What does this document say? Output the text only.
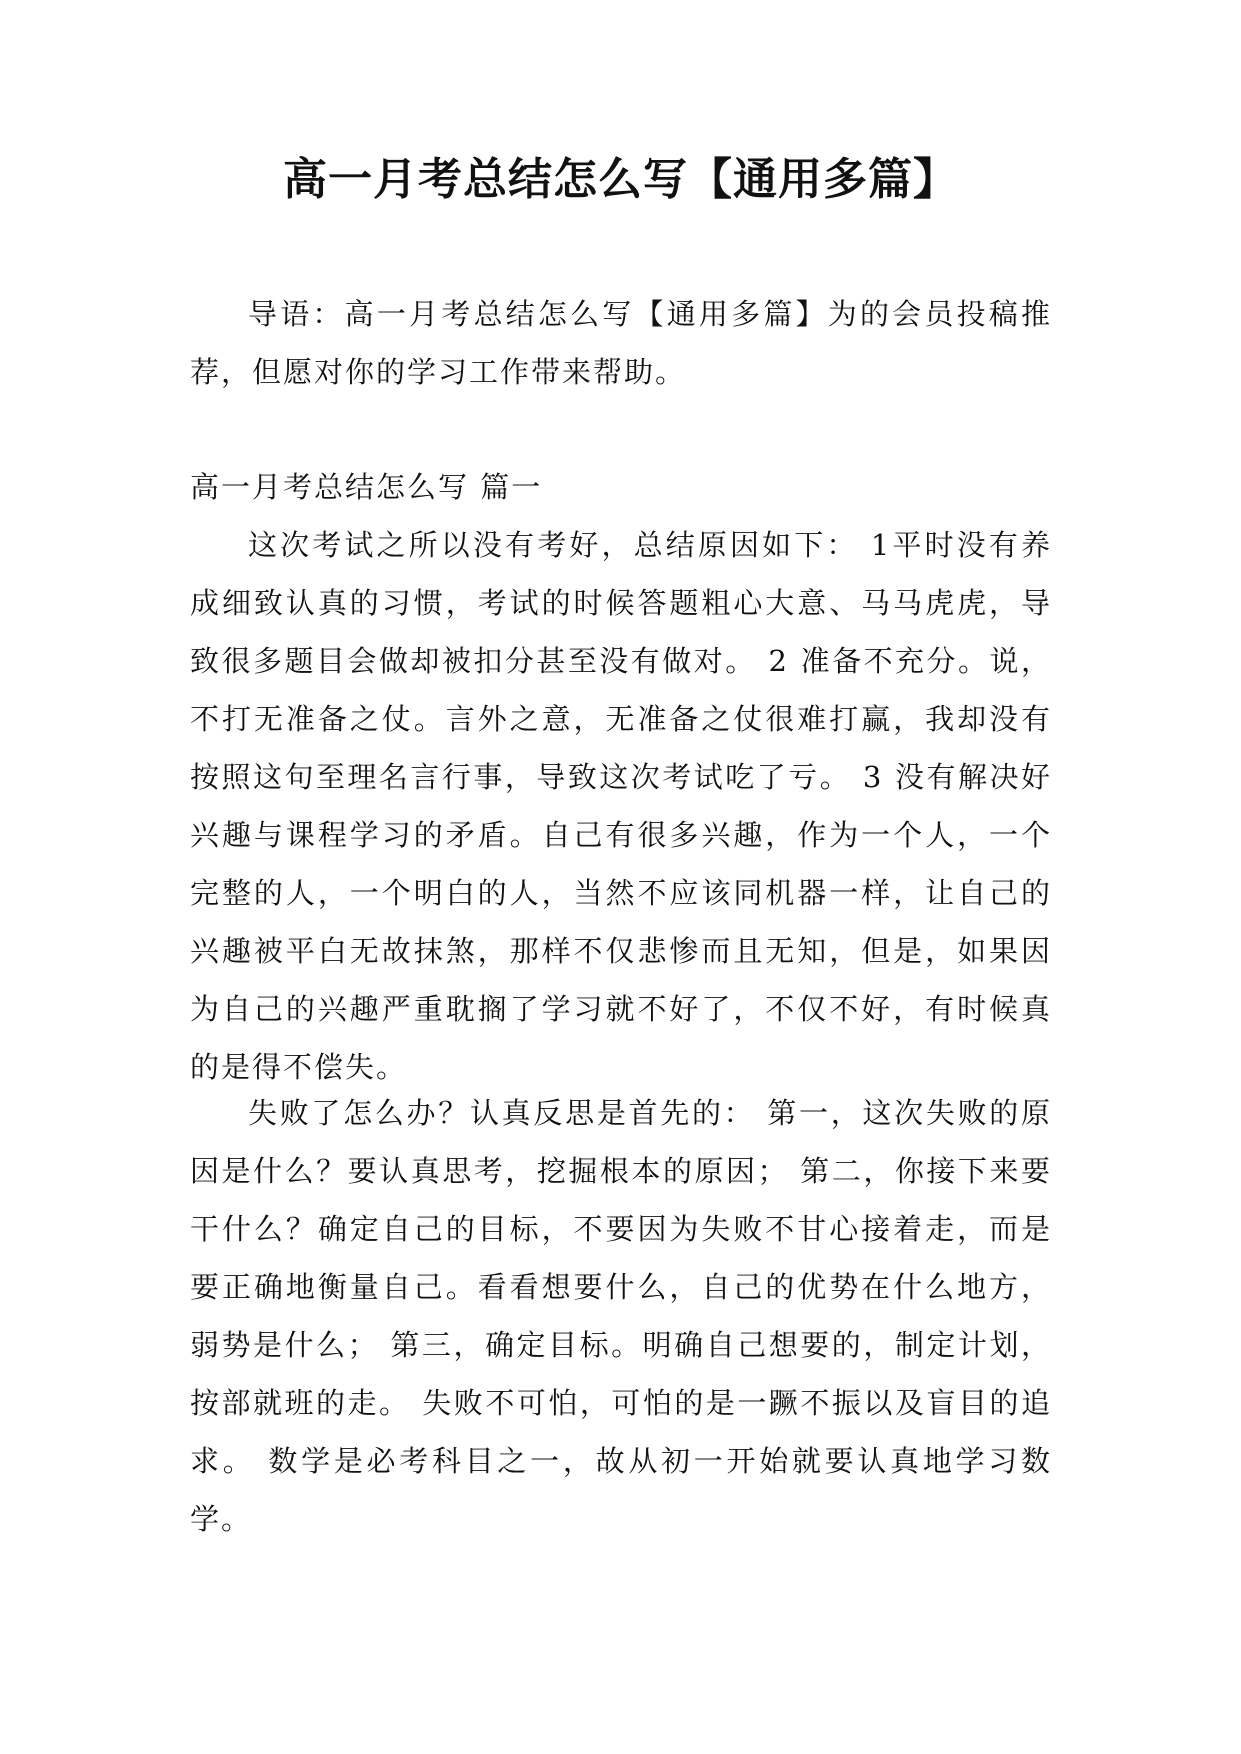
高一月考总结怎么写【通用多篇】

导语：高一月考总结怎么写【通用多篇】为的会员投稿推荐，但愿对你的学习工作带来帮助。

高一月考总结怎么写 篇一

这次考试之所以没有考好，总结原因如下： 1平时没有养成细致认真的习惯，考试的时候答题粗心大意、马马虎虎，导致很多题目会做却被扣分甚至没有做对。 2 准备不充分。说，不打无准备之仗。言外之意，无准备之仗很难打赢，我却没有按照这句至理名言行事，导致这次考试吃了亏。 3 没有解决好兴趣与课程学习的矛盾。自己有很多兴趣，作为一个人，一个完整的人，一个明白的人，当然不应该同机器一样，让自己的兴趣被平白无故抹煞，那样不仅悲惨而且无知，但是，如果因为自己的兴趣严重耽搁了学习就不好了，不仅不好，有时候真的是得不偿失。

失败了怎么办？认真反思是首先的： 第一，这次失败的原因是什么？要认真思考，挖掘根本的原因； 第二，你接下来要干什么？确定自己的目标，不要因为失败不甘心接着走，而是要正确地衡量自己。看看想要什么，自己的优势在什么地方，弱势是什么； 第三，确定目标。明确自己想要的，制定计划，按部就班的走。 失败不可怕，可怕的是一蹶不振以及盲目的追求。 数学是必考科目之一，故从初一开始就要认真地学习数学。
